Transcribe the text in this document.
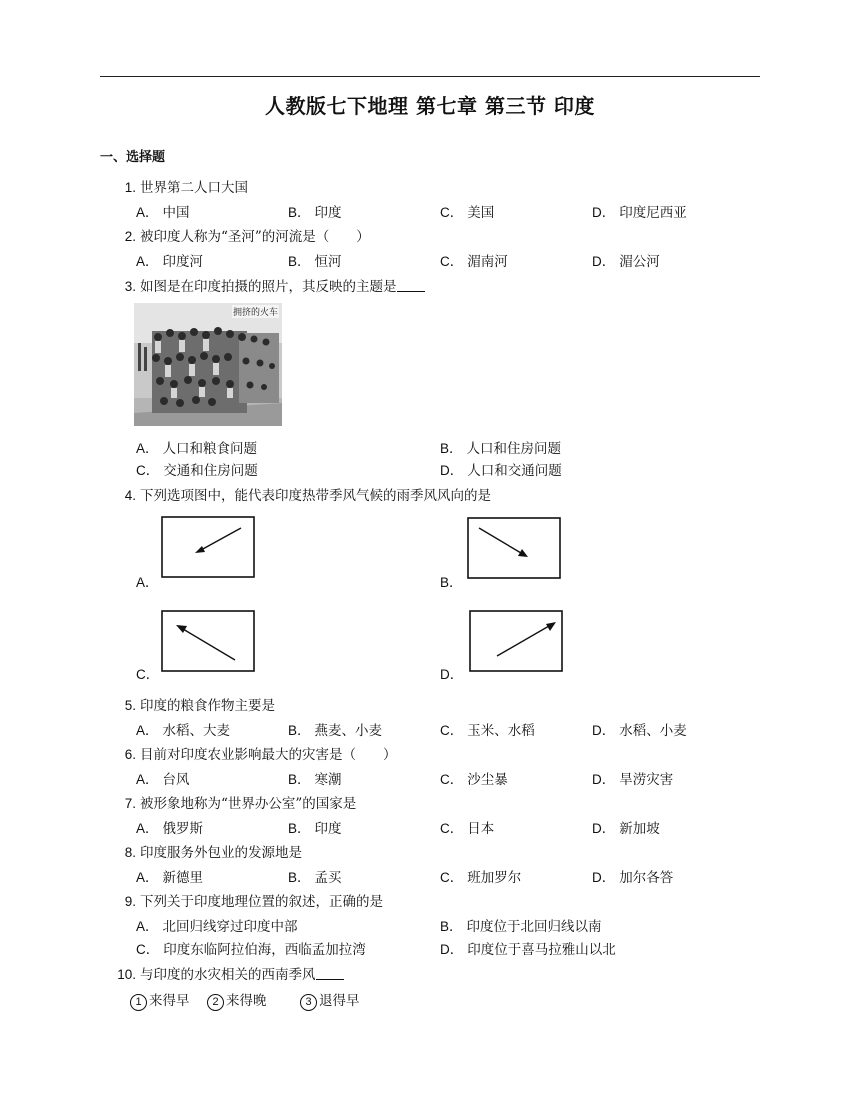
人教版七下地理 第七章 第三节 印度
一、选择题
1. 世界第二人口大国
A． 中国	B． 印度	C． 美国	D． 印度尼西亚
2. 被印度人称为“圣河”的河流是（　　）
A． 印度河	B． 恒河	C． 湄南河	D． 湄公河
3. 如图是在印度拍摄的照片，其反映的主题是
拥挤的火车
A． 人口和粮食问题	B． 人口和住房问题
C． 交通和住房问题	D． 人口和交通问题
4. 下列选项图中，能代表印度热带季风气候的雨季风风向的是
A．	B．
C．	D．
5. 印度的粮食作物主要是
A． 水稻、大麦	B． 燕麦、小麦	C． 玉米、水稻	D． 水稻、小麦
6. 目前对印度农业影响最大的灾害是（　　）
A． 台风	B． 寒潮	C． 沙尘暴	D． 旱涝灾害
7. 被形象地称为“世界办公室”的国家是
A． 俄罗斯	B． 印度	C． 日本	D． 新加坡
8. 印度服务外包业的发源地是
A． 新德里	B． 孟买	C． 班加罗尔	D． 加尔各答
9. 下列关于印度地理位置的叙述，正确的是
A． 北回归线穿过印度中部	B． 印度位于北回归线以南
C． 印度东临阿拉伯海，西临孟加拉湾	D． 印度位于喜马拉雅山以北
10. 与印度的水灾相关的西南季风
1 来得早	2 来得晚	3 退得早
